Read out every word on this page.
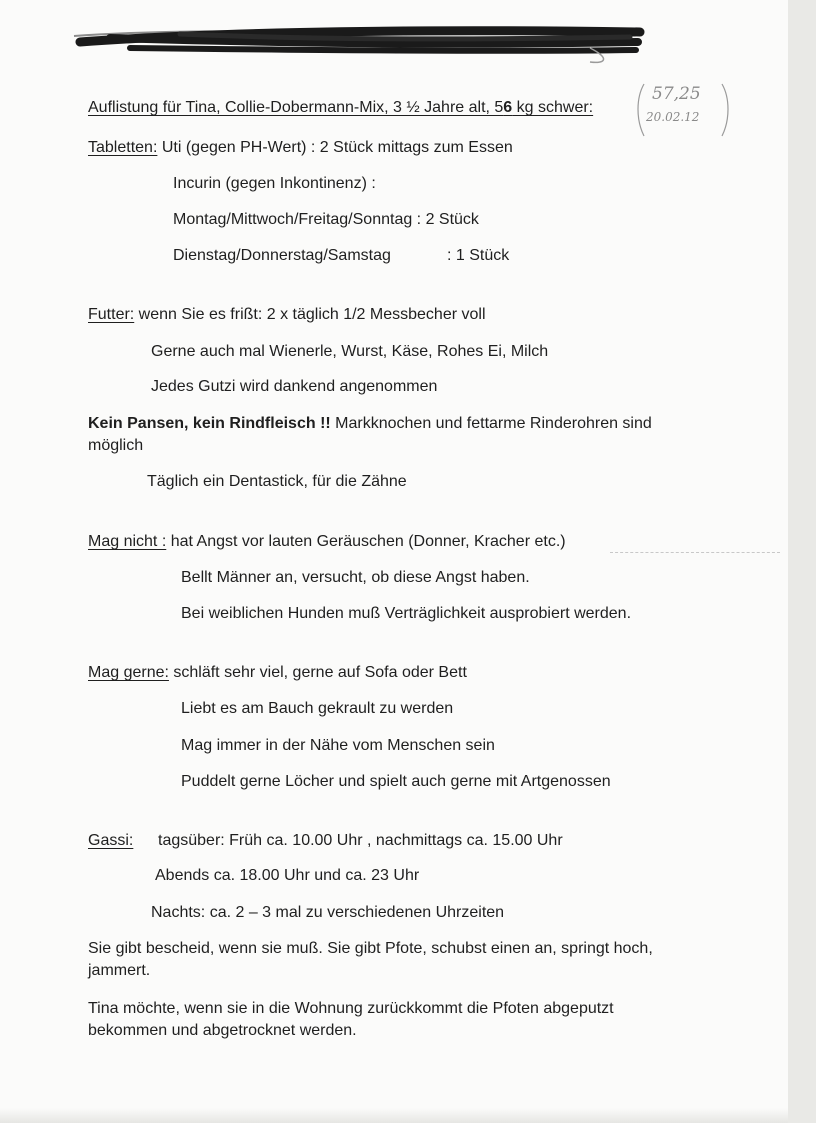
Auflistung für Tina, Collie-Dobermann-Mix, 3 ½ Jahre alt, 56 kg schwer:
57,25
20.02.12
Tabletten: Uti (gegen PH-Wert) : 2 Stück mittags zum Essen
Incurin (gegen Inkontinenz) :
Montag/Mittwoch/Freitag/Sonntag : 2 Stück
Dienstag/Donnerstag/Samstag	: 1 Stück
Futter: wenn Sie es frißt: 2 x täglich 1/2 Messbecher voll
Gerne auch mal Wienerle, Wurst, Käse, Rohes Ei, Milch
Jedes Gutzi wird dankend angenommen
Kein Pansen, kein Rindfleisch !! Markknochen und fettarme Rinderohren sind
möglich
Täglich ein Dentastick, für die Zähne
Mag nicht : hat Angst vor lauten Geräuschen (Donner, Kracher etc.)
Bellt Männer an, versucht, ob diese Angst haben.
Bei weiblichen Hunden muß Verträglichkeit ausprobiert werden.
Mag gerne: schläft sehr viel, gerne auf Sofa oder Bett
Liebt es am Bauch gekrault zu werden
Mag immer in der Nähe vom Menschen sein
Puddelt gerne Löcher und spielt auch gerne mit Artgenossen
Gassi: tagsüber: Früh ca. 10.00 Uhr , nachmittags ca. 15.00 Uhr
Abends ca. 18.00 Uhr und ca. 23 Uhr
Nachts: ca. 2 – 3 mal zu verschiedenen Uhrzeiten
Sie gibt bescheid, wenn sie muß. Sie gibt Pfote, schubst einen an, springt hoch,
jammert.
Tina möchte, wenn sie in die Wohnung zurückkommt die Pfoten abgeputzt
bekommen und abgetrocknet werden.
